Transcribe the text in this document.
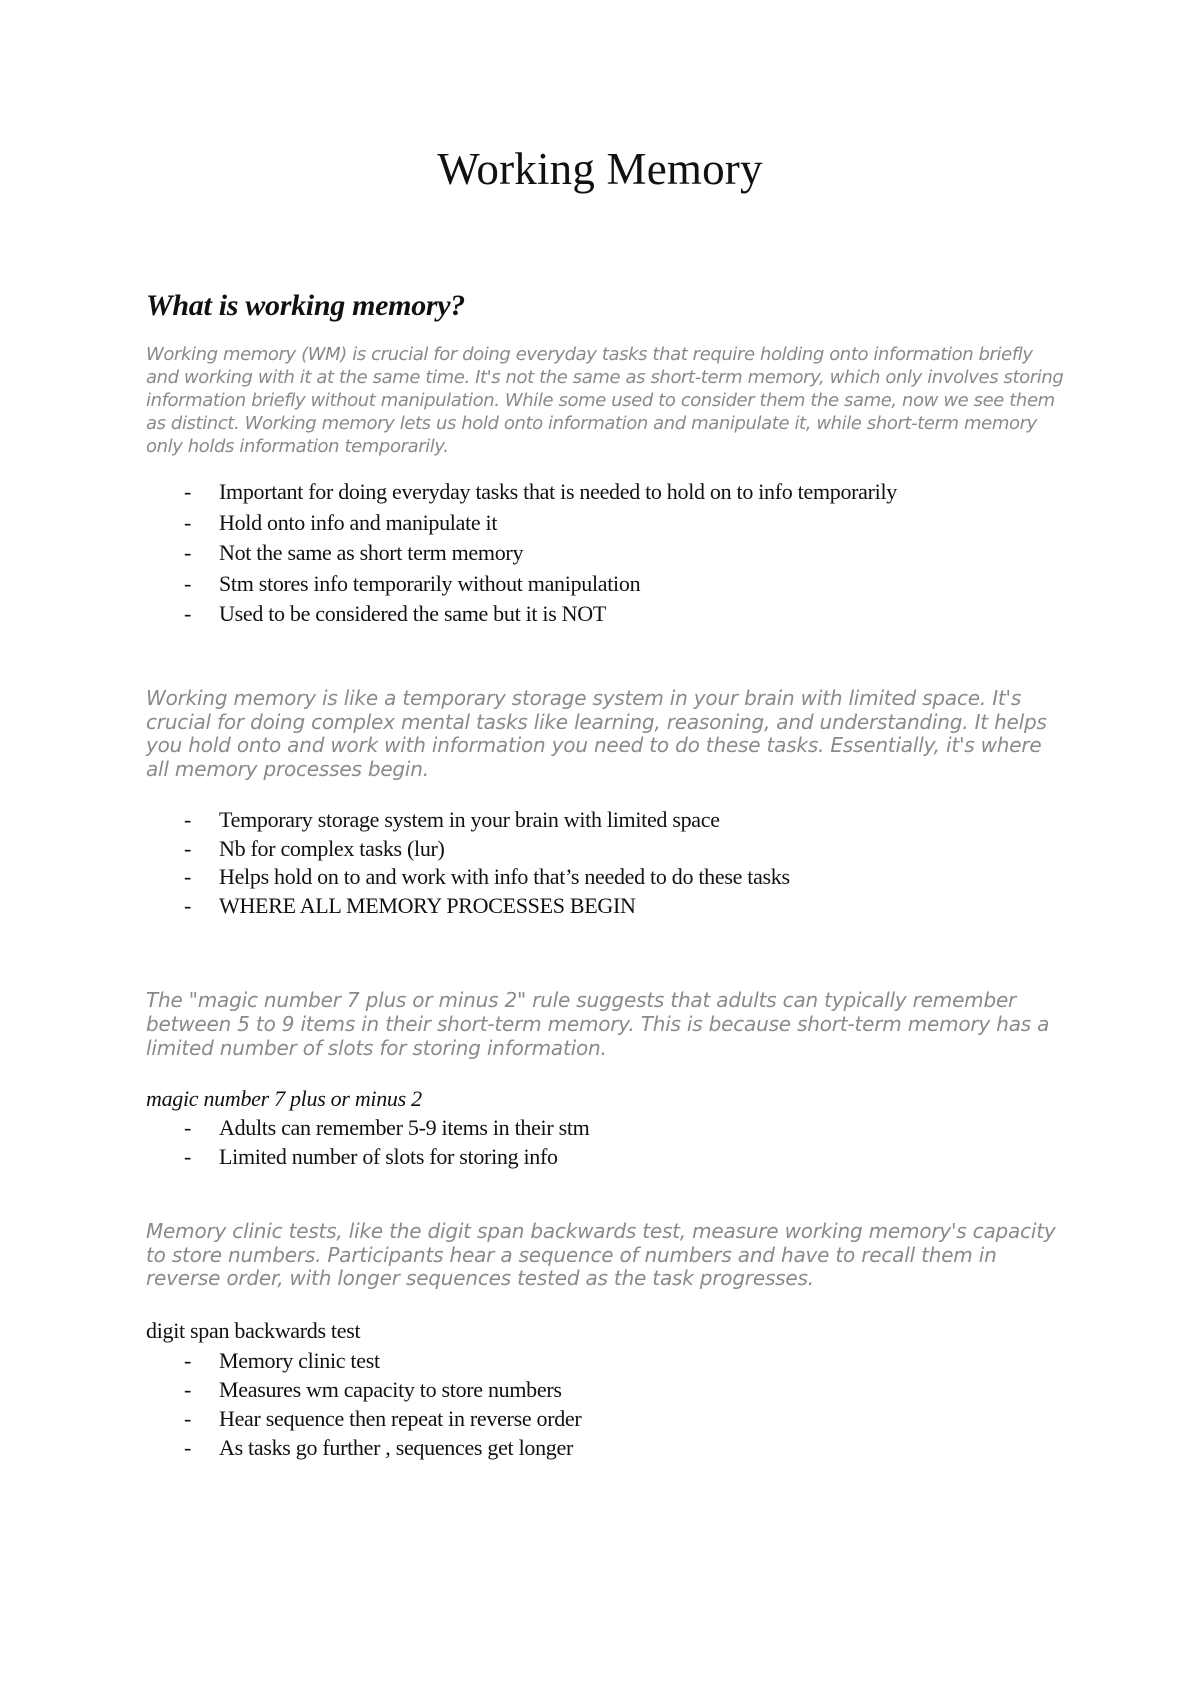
Working Memory
What is working memory?

Working memory (WM) is crucial for doing everyday tasks that require holding onto information briefly and working with it at the same time. It's not the same as short-term memory, which only involves storing information briefly without manipulation. While some used to consider them the same, now we see them as distinct. Working memory lets us hold onto information and manipulate it, while short-term memory only holds information temporarily.

- Important for doing everyday tasks that is needed to hold on to info temporarily
- Hold onto info and manipulate it
- Not the same as short term memory
- Stm stores info temporarily without manipulation
- Used to be considered the same but it is NOT

Working memory is like a temporary storage system in your brain with limited space. It's crucial for doing complex mental tasks like learning, reasoning, and understanding. It helps you hold onto and work with information you need to do these tasks. Essentially, it's where all memory processes begin.

- Temporary storage system in your brain with limited space
- Nb for complex tasks (lur)
- Helps hold on to and work with info that’s needed to do these tasks
- WHERE ALL MEMORY PROCESSES BEGIN

The "magic number 7 plus or minus 2" rule suggests that adults can typically remember between 5 to 9 items in their short-term memory. This is because short-term memory has a limited number of slots for storing information.

magic number 7 plus or minus 2

- Adults can remember 5-9 items in their stm
- Limited number of slots for storing info

Memory clinic tests, like the digit span backwards test, measure working memory's capacity to store numbers. Participants hear a sequence of numbers and have to recall them in reverse order, with longer sequences tested as the task progresses.

digit span backwards test

- Memory clinic test
- Measures wm capacity to store numbers
- Hear sequence then repeat in reverse order
- As tasks go further , sequences get longer
